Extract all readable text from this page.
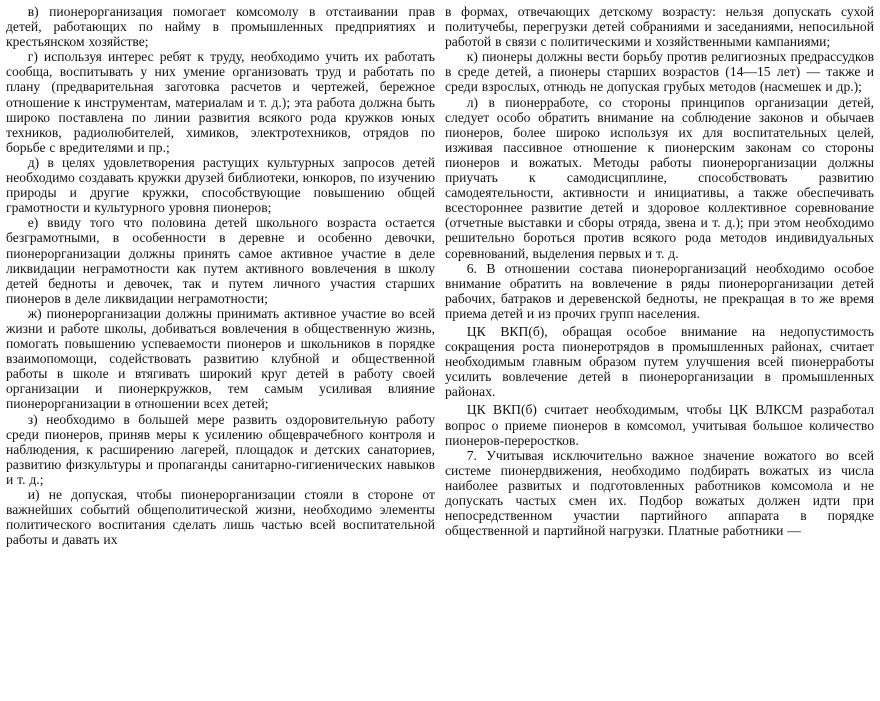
в) пионерорганизация помогает комсомолу в отстаивании прав детей, работающих по найму в промышленных предприятиях и крестьянском хозяйстве;

г) используя интерес ребят к труду, необходимо учить их работать сообща, воспитывать у них умение организовать труд и работать по плану (предварительная заготовка расчетов и чертежей, бережное отношение к инструментам, материалам и т. д.); эта работа должна быть широко поставлена по линии развития всякого рода кружков юных техников, радиолюбителей, химиков, электротехников, отрядов по борьбе с вредителями и пр.;

д) в целях удовлетворения растущих культурных запросов детей необходимо создавать кружки друзей библиотеки, юнкоров, по изучению природы и другие кружки, способствующие повышению общей грамотности и культурного уровня пионеров;

е) ввиду того что половина детей школьного возраста остается безграмотными, в особенности в деревне и особенно девочки, пионерорганизации должны принять самое активное участие в деле ликвидации неграмотности как путем активного вовлечения в школу детей бедноты и девочек, так и путем личного участия старших пионеров в деле ликвидации неграмотности;

ж) пионерорганизации должны принимать активное участие во всей жизни и работе школы, добиваться вовлечения в общественную жизнь, помогать повышению успеваемости пионеров и школьников в порядке взаимопомощи, содействовать развитию клубной и общественной работы в школе и втягивать широкий круг детей в работу своей организации и пионеркружков, тем самым усиливая влияние пионерорганизации в отношении всех детей;

з) необходимо в большей мере развить оздоровительную работу среди пионеров, приняв меры к усилению общеврачебного контроля и наблюдения, к расширению лагерей, площадок и детских санаториев, развитию физкультуры и пропаганды санитарно-гигиенических навыков и т. д.;

и) не допуская, чтобы пионерорганизации стояли в стороне от важнейших событий общеполитической жизни, необходимо элементы политического воспитания сделать лишь частью всей воспитательной работы и давать их

в формах, отвечающих детскому возрасту: нельзя допускать сухой политучебы, перегрузки детей собраниями и заседаниями, непосильной работой в связи с политическими и хозяйственными кампаниями;

к) пионеры должны вести борьбу против религиозных предрассудков в среде детей, а пионеры старших возрастов (14—15 лет) — также и среди взрослых, отнюдь не допуская грубых методов (насмешек и др.);

л) в пионерработе, со стороны принципов организации детей, следует особо обратить внимание на соблюдение законов и обычаев пионеров, более широко используя их для воспитательных целей, изживая пассивное отношение к пионерским законам со стороны пионеров и вожатых. Методы работы пионерорганизации должны приучать к самодисциплине, способствовать развитию самодеятельности, активности и инициативы, а также обеспечивать всестороннее развитие детей и здоровое коллективное соревнование (отчетные выставки и сборы отряда, звена и т. д.); при этом необходимо решительно бороться против всякого рода методов индивидуальных соревнований, выделения первых и т. д.

6. В отношении состава пионерорганизаций необходимо особое внимание обратить на вовлечение в ряды пионерорганизации детей рабочих, батраков и деревенской бедноты, не прекращая в то же время приема детей и из прочих групп населения.

ЦК ВКП(б), обращая особое внимание на недопустимость сокращения роста пионеротрядов в промышленных районах, считает необходимым главным образом путем улучшения всей пионерработы усилить вовлечение детей в пионерорганизации в промышленных районах.

ЦК ВКП(б) считает необходимым, чтобы ЦК ВЛКСМ разработал вопрос о приеме пионеров в комсомол, учитывая большое количество пионеров-переростков.

7. Учитывая исключительно важное значение вожатого во всей системе пионердвижения, необходимо подбирать вожатых из числа наиболее развитых и подготовленных работников комсомола и не допускать частых смен их. Подбор вожатых должен идти при непосредственном участии партийного аппарата в порядке общественной и партийной нагрузки. Платные работники —
